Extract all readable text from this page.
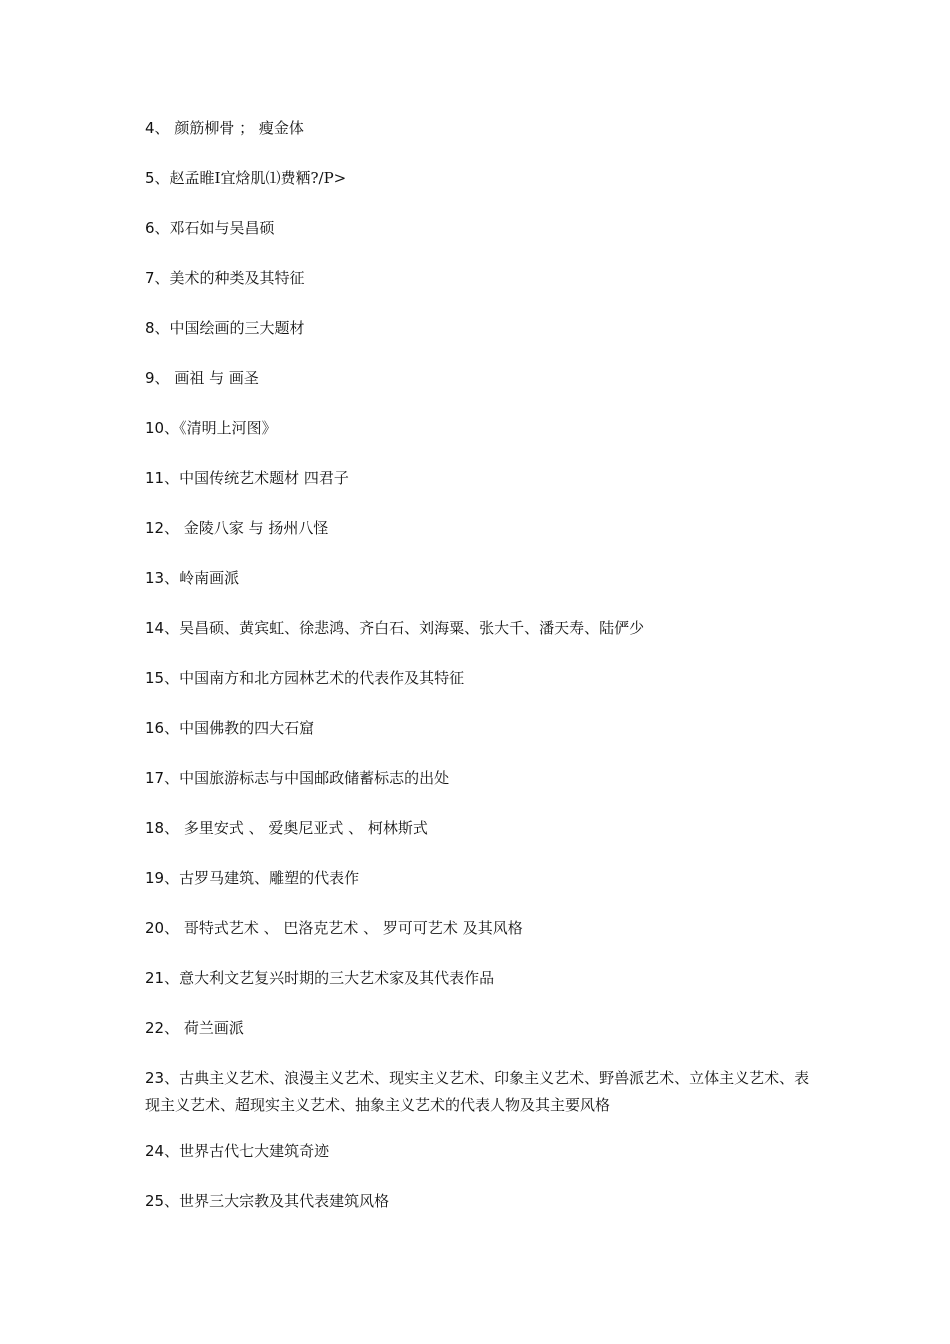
4、 颜筋柳骨 ； 瘦金体
5、赵孟睢Ⅰ宜焓肌⑴费粞?/P>
6、邓石如与吴昌硕
7、美术的种类及其特征
8、中国绘画的三大题材
9、 画祖 与 画圣
10、《清明上河图》
11、中国传统艺术题材 四君子
12、 金陵八家 与 扬州八怪
13、岭南画派
14、吴昌硕、黄宾虹、徐悲鸿、齐白石、刘海粟、张大千、潘天寿、陆俨少
15、中国南方和北方园林艺术的代表作及其特征
16、中国佛教的四大石窟
17、中国旅游标志与中国邮政储蓄标志的出处
18、 多里安式 、 爱奥尼亚式 、 柯林斯式
19、古罗马建筑、雕塑的代表作
20、 哥特式艺术 、 巴洛克艺术 、 罗可可艺术 及其风格
21、意大利文艺复兴时期的三大艺术家及其代表作品
22、 荷兰画派
23、古典主义艺术、浪漫主义艺术、现实主义艺术、印象主义艺术、野兽派艺术、立体主义艺术、表现主义艺术、超现实主义艺术、抽象主义艺术的代表人物及其主要风格
24、世界古代七大建筑奇迹
25、世界三大宗教及其代表建筑风格
